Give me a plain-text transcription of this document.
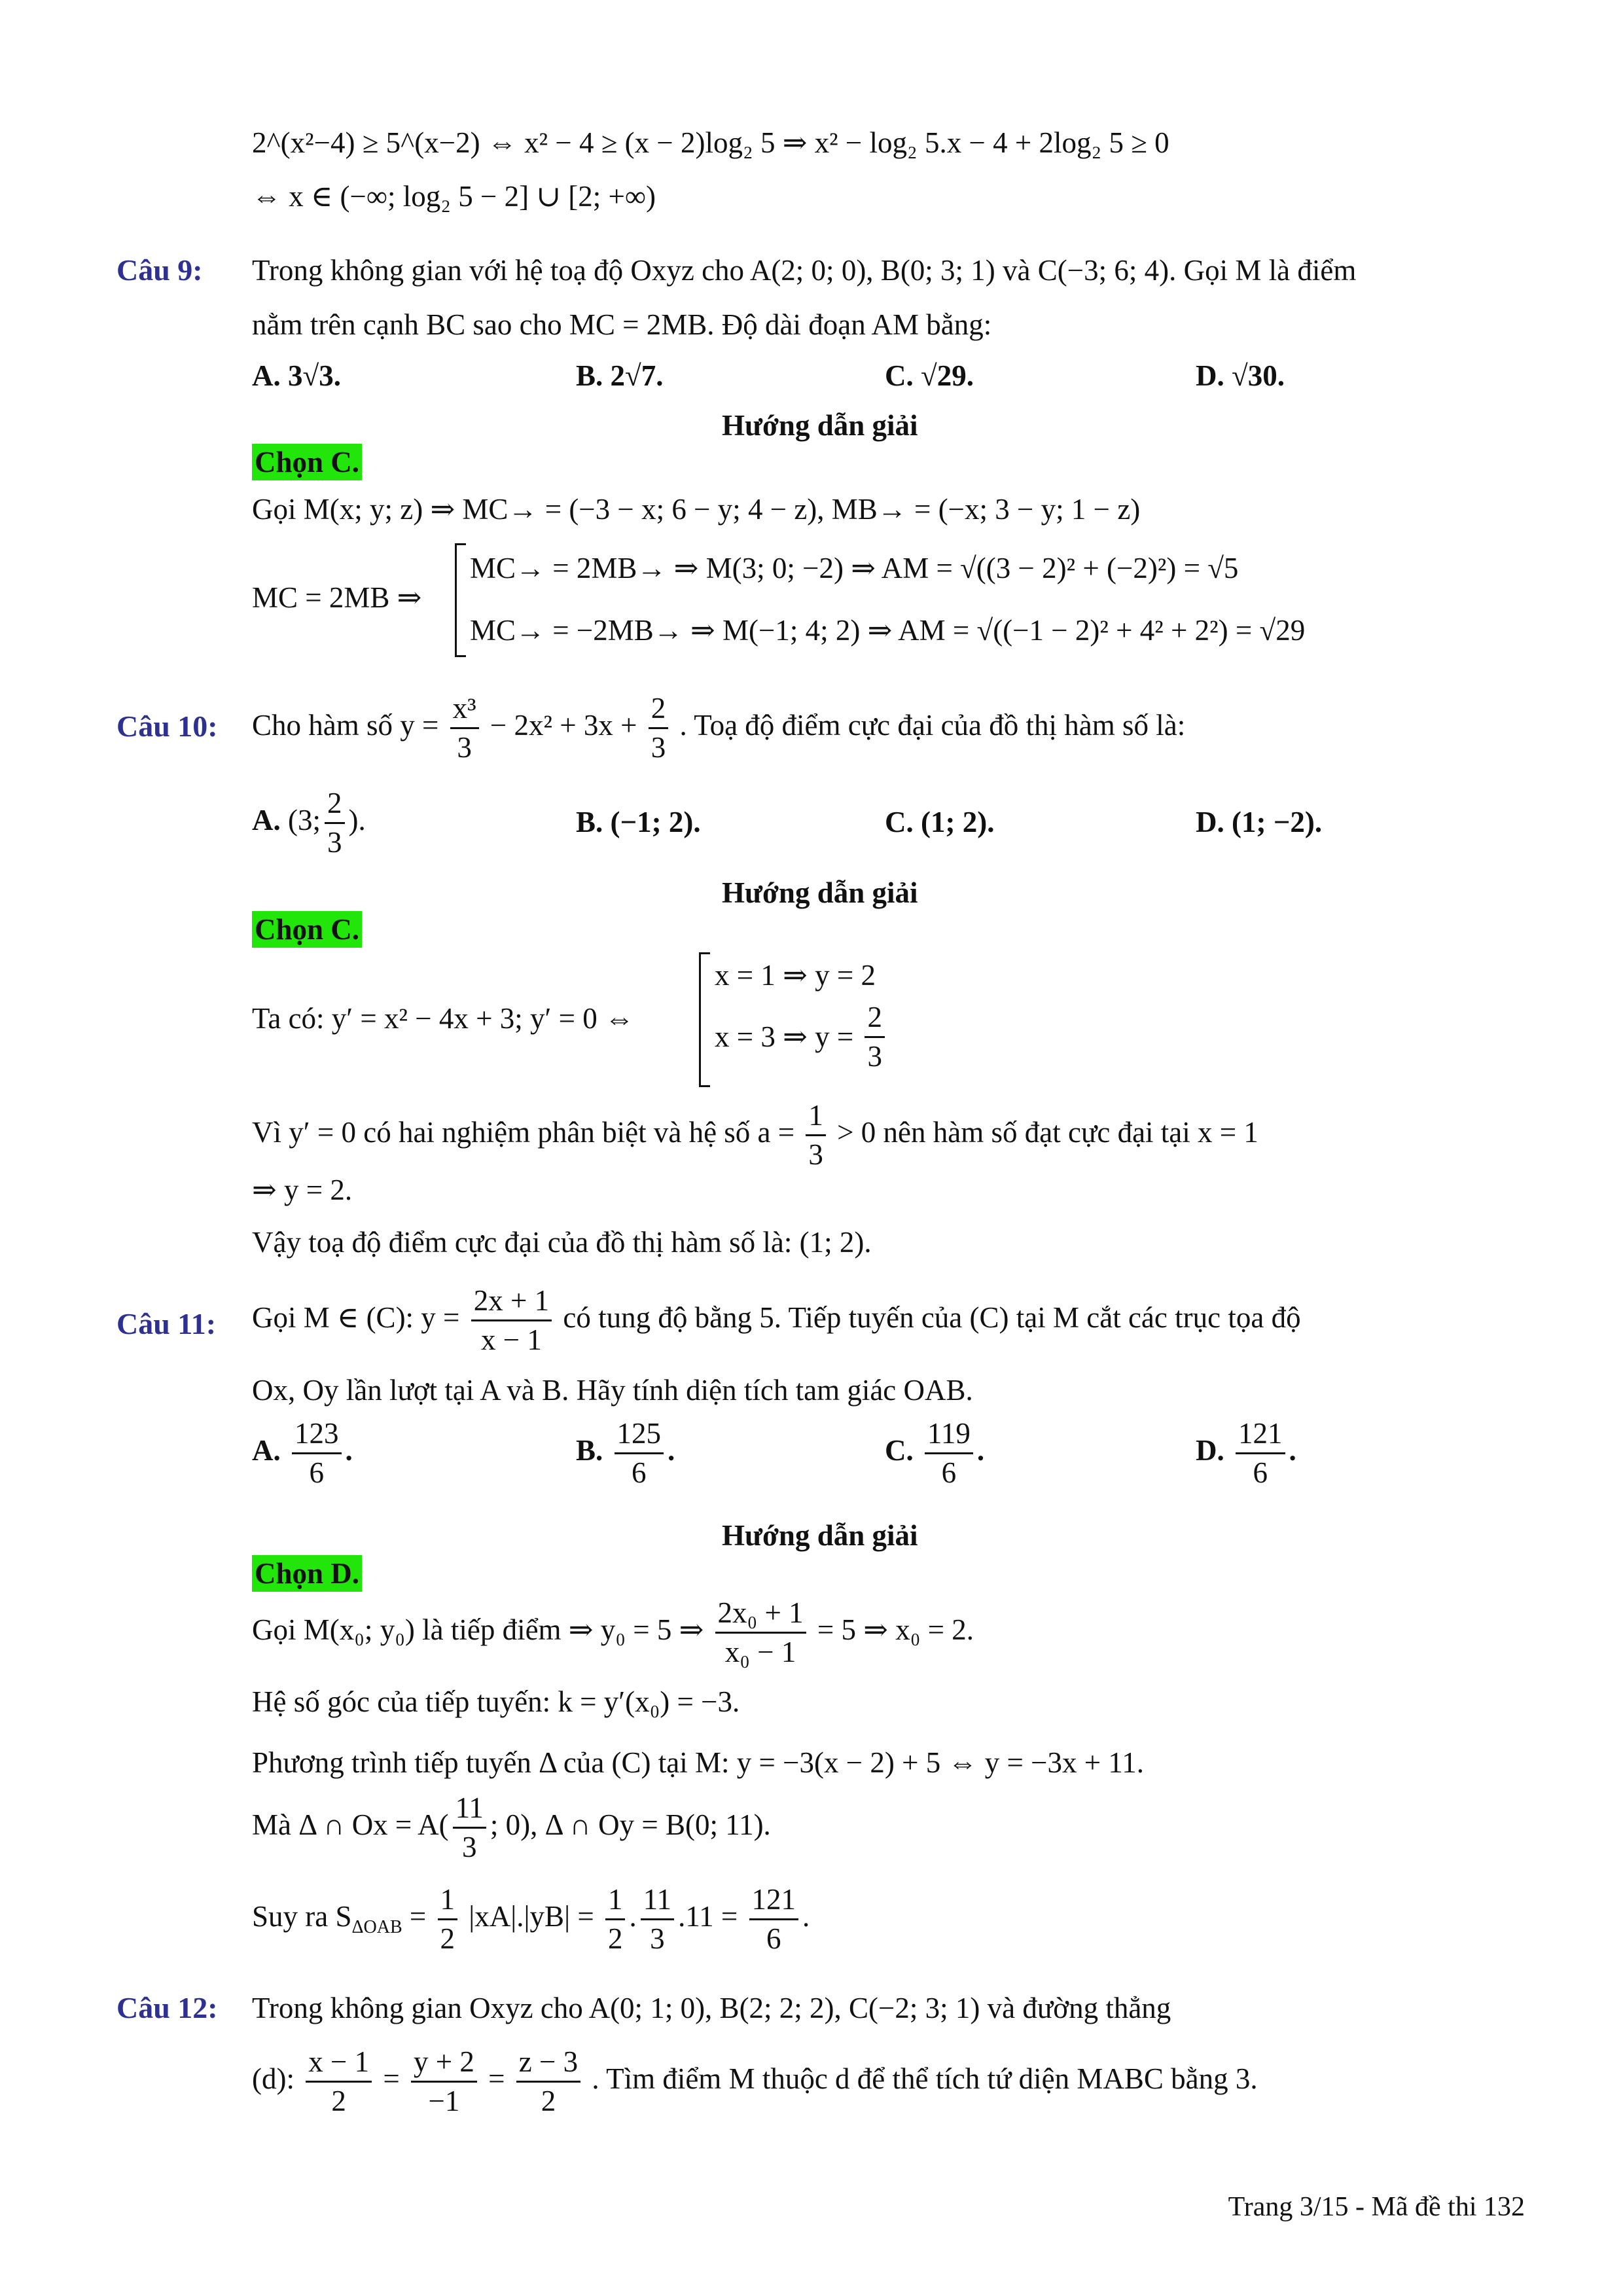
2^(x²−4) ≥ 5^(x−2) ⇔ x² − 4 ≥ (x − 2)log₂ 5 ⇒ x² − log₂ 5.x − 4 + 2log₂ 5 ≥ 0
⇔ x ∈ (−∞; log₂ 5 − 2] ∪ [2; +∞)
Câu 9: Trong không gian với hệ toạ độ Oxyz cho A(2; 0; 0), B(0; 3; 1) và C(−3; 6; 4). Gọi M là điểm
nằm trên cạnh BC sao cho MC = 2MB. Độ dài đoạn AM bằng:
A. 3√3.	B. 2√7.	C. √29.	D. √30.
Hướng dẫn giải
Chọn C.
Gọi M(x; y; z) ⇒ MC→ = (−3 − x; 6 − y; 4 − z), MB→ = (−x; 3 − y; 1 − z)
MC = 2MB ⇒
MC→ = 2MB→ ⇒ M(3; 0; −2) ⇒ AM = √((3 − 2)² + (−2)²) = √5
MC→ = −2MB→ ⇒ M(−1; 4; 2) ⇒ AM = √((−1 − 2)² + 4² + 2²) = √29
Câu 10: Cho hàm số $y = \frac{\text{x³}}{3} - 2x^2 + 3x + \frac{2}{3}$ . Toạ độ điểm cực đại của đồ thị hàm số là:
A. (3; $\frac{2}{3}$ ).	B. (−1; 2).	C. (1; 2).	D. (1; −2).
Hướng dẫn giải
Chọn C.
Ta có: y′ = x² − 4x + 3; y′ = 0 ⇔
x = 1 ⇒ y = 2
x = 3 ⇒ $y = \frac{2}{3}$
Vì y′ = 0 có hai nghiệm phân biệt và hệ số $a = \frac{1}{3} > 0$ nên hàm số đạt cực đại tại x = 1
⇒ y = 2.
Vậy toạ độ điểm cực đại của đồ thị hàm số là: (1; 2).
Câu 11: Gọi M ∈ (C): $y = \frac{2x + 1}{x - 1}$ có tung độ bằng 5. Tiếp tuyến của (C) tại M cắt các trục tọa độ
Ox, Oy lần lượt tại A và B. Hãy tính diện tích tam giác OAB.
A. $\frac{123}{6}$ .	B. $\frac{125}{6}$ .	C. $\frac{119}{6}$ .	D. $\frac{121}{6}$ .
Hướng dẫn giải
Chọn D.
Gọi M(x₀; y₀) là tiếp điểm ⇒ y₀ = 5 ⇒ $\frac{\text{2x₀ + 1}}{\text{x₀ − 1}} = 5$ ⇒ x₀ = 2.
Hệ số góc của tiếp tuyến: k = y′(x₀) = −3.
Phương trình tiếp tuyến Δ của (C) tại M: y = −3(x − 2) + 5 ⇔ y = −3x + 11.
Mà Δ ∩ $Ox = A( \frac{11}{3}$ ; 0), Δ ∩ Oy = B(0; 11).
Suy ra $S_{\Delta OAB} = \frac{1}{2} |xA|.|yB| = \frac{1}{2}$ . $\frac{11}{3} .11 = \frac{121}{6}$ .
Câu 12: Trong không gian Oxyz cho A(0; 1; 0), B(2; 2; 2), C(−2; 3; 1) và đường thẳng
(d): $\frac{x - 1}{2} = \frac{y + 2}{-1} = \frac{z - 3}{2}$ . Tìm điểm M thuộc d để thể tích tứ diện MABC bằng 3.
Trang 3/15 - Mã đề thi 132
